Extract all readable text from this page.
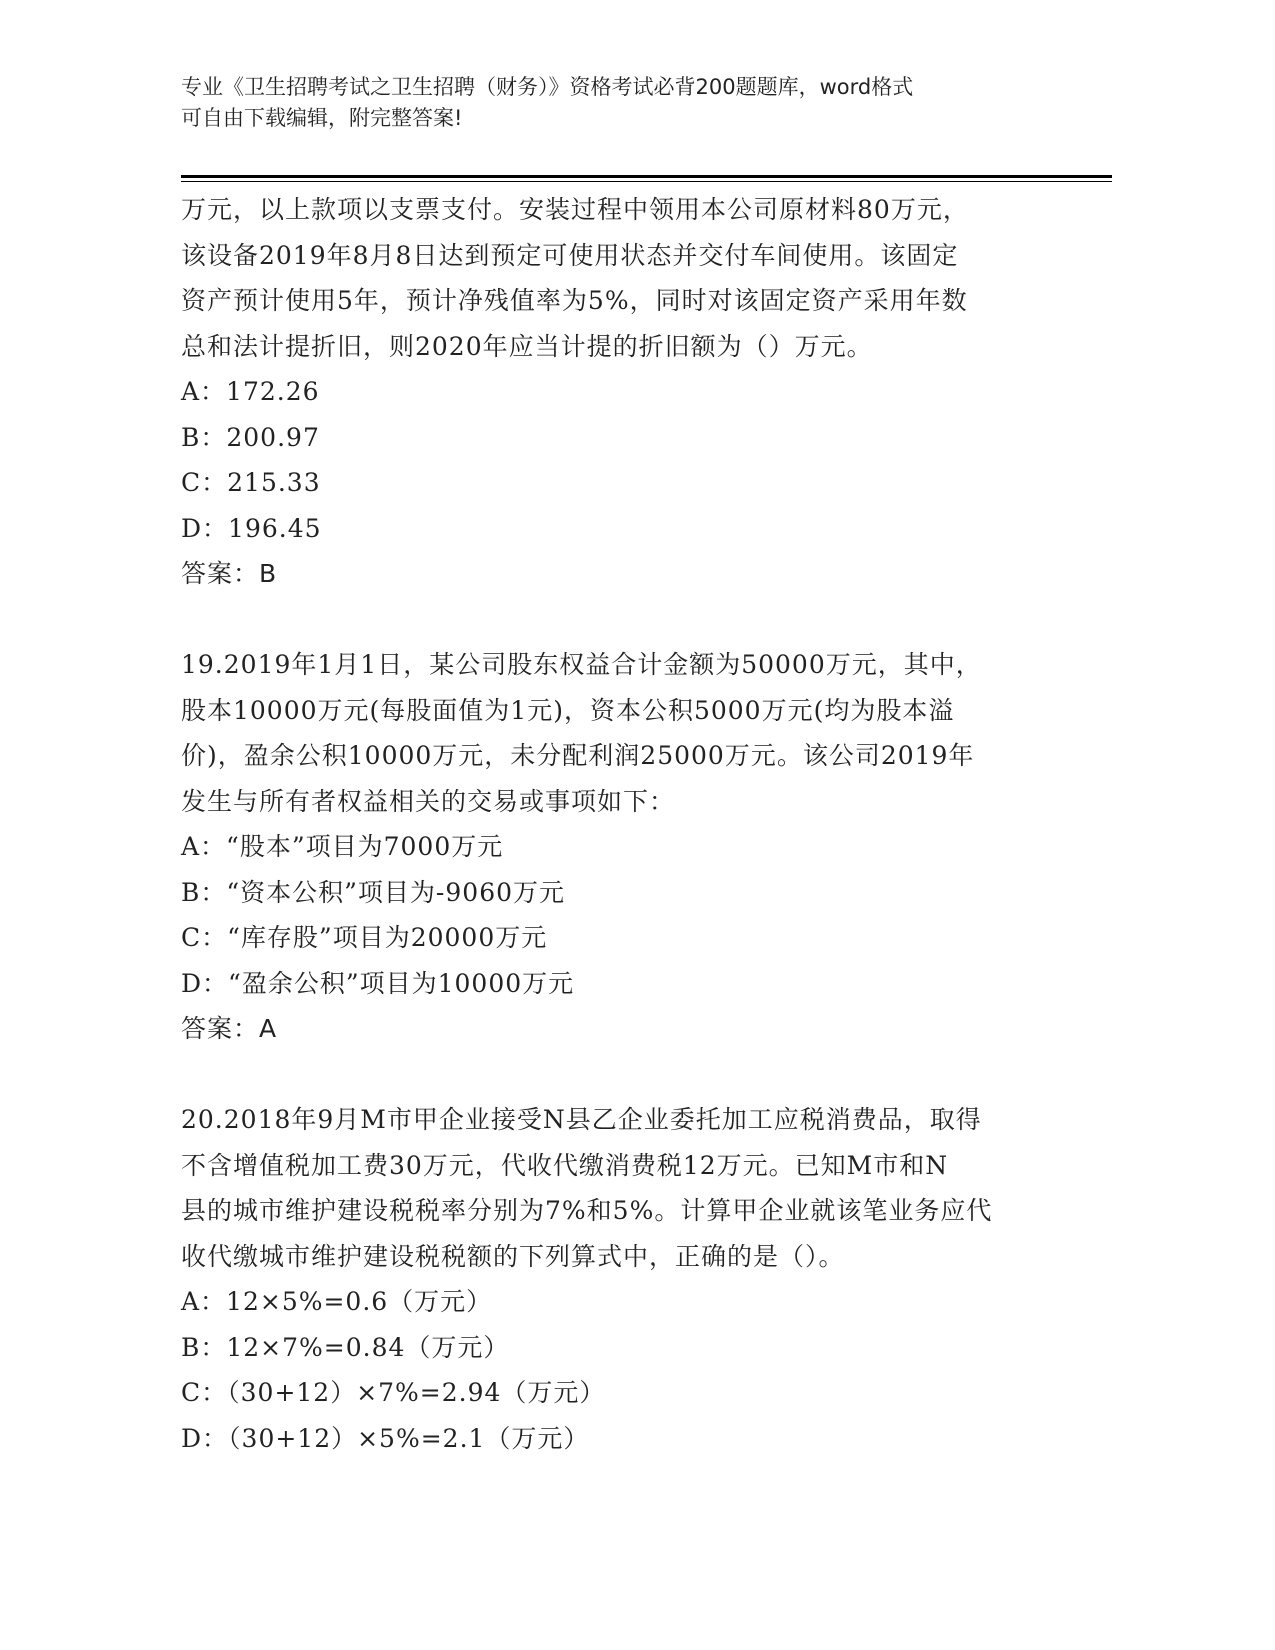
专业《卫生招聘考试之卫生招聘（财务）》资格考试必背200题题库，word格式
可自由下载编辑，附完整答案!
万元，以上款项以支票支付。安装过程中领用本公司原材料80万元，
该设备2019年8月8日达到预定可使用状态并交付车间使用。该固定
资产预计使用5年，预计净残值率为5%，同时对该固定资产采用年数
总和法计提折旧，则2020年应当计提的折旧额为（）万元。
A：172.26
B：200.97
C：215.33
D：196.45
答案：B
19.2019年1月1日，某公司股东权益合计金额为50000万元，其中，
股本10000万元(每股面值为1元)，资本公积5000万元(均为股本溢
价)，盈余公积10000万元，未分配利润25000万元。该公司2019年
发生与所有者权益相关的交易或事项如下：
A：“股本”项目为7000万元
B：“资本公积”项目为-9060万元
C：“库存股”项目为20000万元
D：“盈余公积”项目为10000万元
答案：A
20.2018年9月M市甲企业接受N县乙企业委托加工应税消费品，取得
不含增值税加工费30万元，代收代缴消费税12万元。已知M市和N
县的城市维护建设税税率分别为7%和5%。计算甲企业就该笔业务应代
收代缴城市维护建设税税额的下列算式中，正确的是（）。
A：12×5%=0.6（万元）
B：12×7%=0.84（万元）
C：（30+12）×7%=2.94（万元）
D：（30+12）×5%=2.1（万元）
